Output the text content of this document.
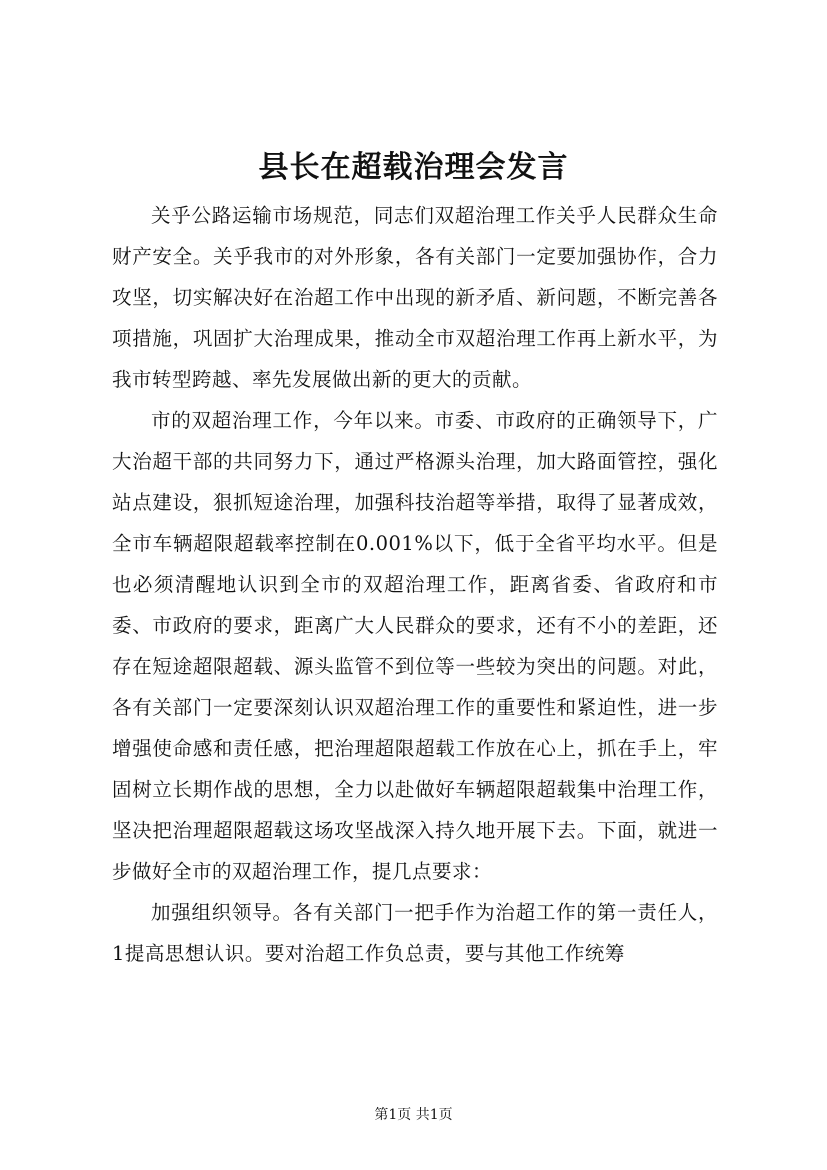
县长在超载治理会发言

关乎公路运输市场规范，同志们双超治理工作关乎人民群众生命财产安全。关乎我市的对外形象，各有关部门一定要加强协作，合力攻坚，切实解决好在治超工作中出现的新矛盾、新问题，不断完善各项措施，巩固扩大治理成果，推动全市双超治理工作再上新水平，为我市转型跨越、率先发展做出新的更大的贡献。

市的双超治理工作，今年以来。市委、市政府的正确领导下，广大治超干部的共同努力下，通过严格源头治理，加大路面管控，强化站点建设，狠抓短途治理，加强科技治超等举措，取得了显著成效，全市车辆超限超载率控制在0.001%以下，低于全省平均水平。但是也必须清醒地认识到全市的双超治理工作，距离省委、省政府和市委、市政府的要求，距离广大人民群众的要求，还有不小的差距，还存在短途超限超载、源头监管不到位等一些较为突出的问题。对此，各有关部门一定要深刻认识双超治理工作的重要性和紧迫性，进一步增强使命感和责任感，把治理超限超载工作放在心上，抓在手上，牢固树立长期作战的思想，全力以赴做好车辆超限超载集中治理工作，坚决把治理超限超载这场攻坚战深入持久地开展下去。下面，就进一步做好全市的双超治理工作，提几点要求：

加强组织领导。各有关部门一把手作为治超工作的第一责任人，1提高思想认识。要对治超工作负总责，要与其他工作统筹

第1页 共1页
